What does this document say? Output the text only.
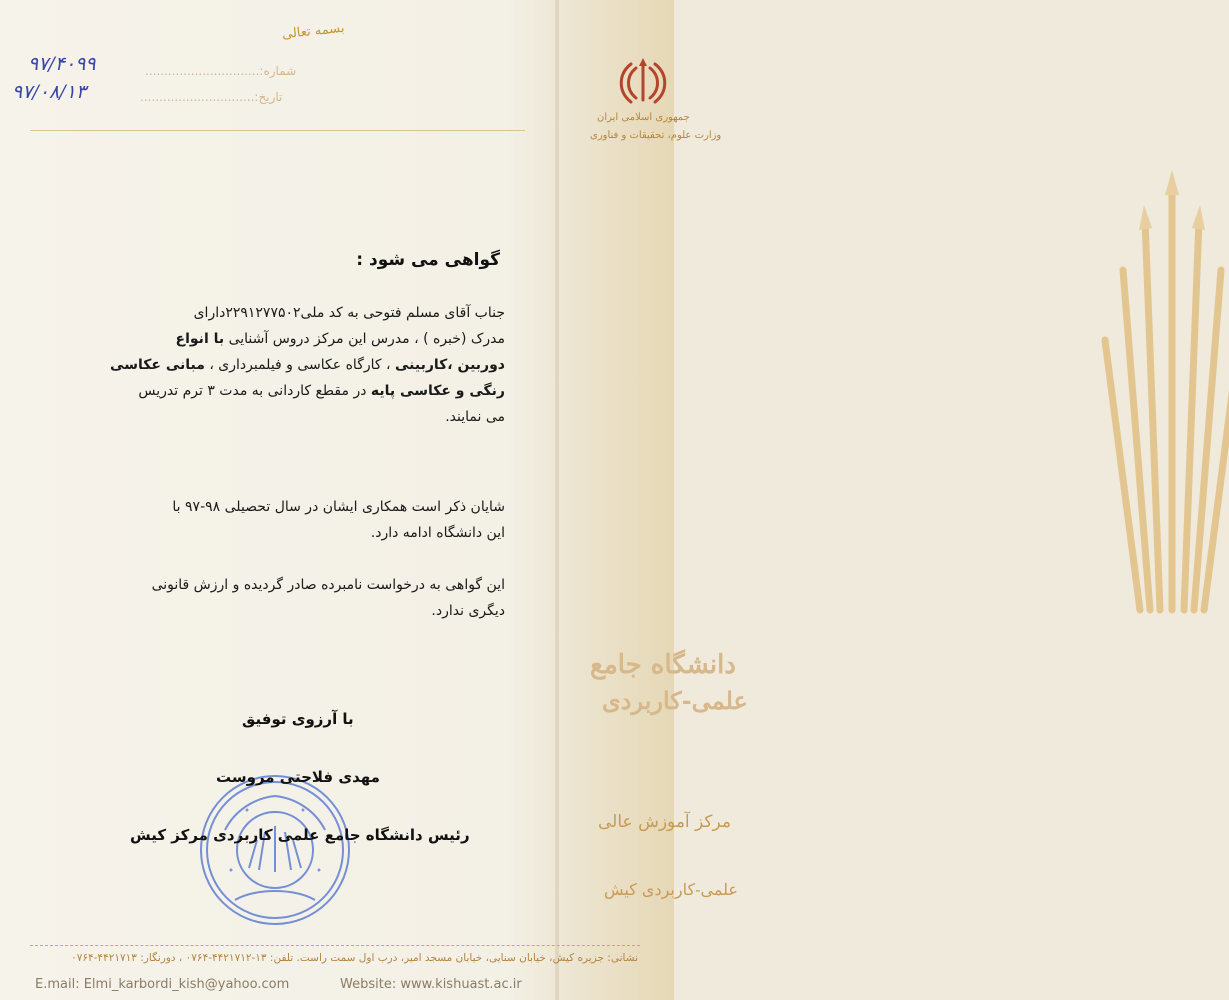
جمهوری اسلامی ایران
وزارت علوم، تحقیقات و فناوری
دانشگاه جامع
علمی-کاربردی
مرکز آموزش عالی
علمی-کاربردی کیش
بسمه تعالی
شماره:..............................
۹۷/۴۰۹۹
تاریخ:..............................
۹۷/۰۸/۱۳
گواهی می شود :
جناب آقای مسلم فتوحی به کد ملی۲۲۹۱۲۷۷۵۰۲دارای
مدرک (خبره ) ، مدرس این مرکز دروس آشنایی با انواع
دوربین ،کاربینی ، کارگاه عکاسی و فیلمبرداری ، مبانی عکاسی
رنگی و عکاسی پایه در مقطع کاردانی به مدت ۳ ترم تدریس
می نمایند.
شایان ذکر است همکاری ایشان در سال تحصیلی ۹۸-۹۷ با
این دانشگاه ادامه دارد.
این گواهی به درخواست نامبرده صادر گردیده و ارزش قانونی
دیگری ندارد.
با آرزوی توفیق
مهدی فلاحتی مروست
رئیس دانشگاه جامع علمی کاربردی مرکز کیش
نشانی: جزیره کیش، خیابان سنایی، خیابان مسجد امیر، درب اول سمت راست. تلفن: ۱۳-۴۴۲۱۷۱۲-۰۷۶۴ ، دورنگار: ۴۴۲۱۷۱۳-۰۷۶۴
E.mail: Elmi_karbordi_kish@yahoo.com	Website: www.kishuast.ac.ir
